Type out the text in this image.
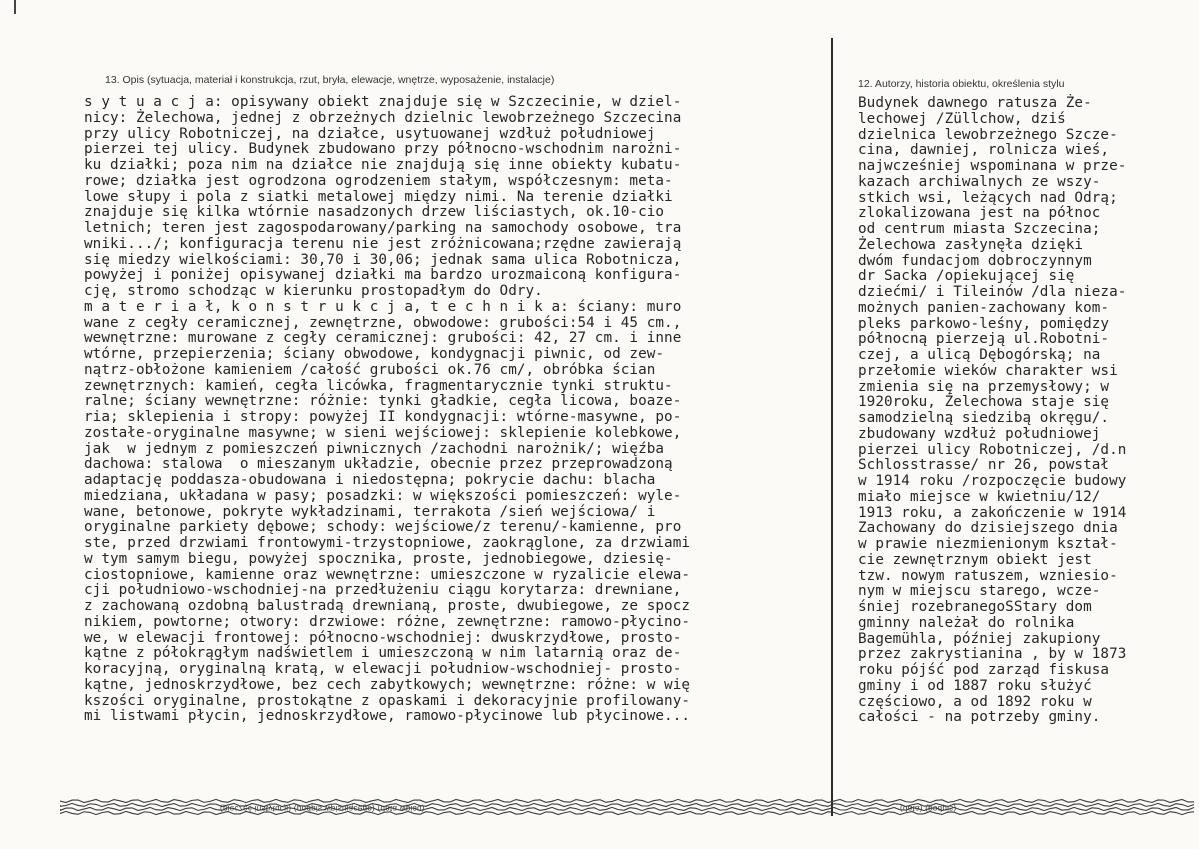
13. Opis (sytuacja, materiał i konstrukcja, rzut, bryła, elewacje, wnętrze, wyposażenie, instalacje)	12. Autorzy, historia obiektu, określenia stylu
s y t u a c j a: opisywany obiekt znajduje się w Szczecinie, w dziel-
nicy: Żelechowa, jednej z obrzeżnych dzielnic lewobrzeżnego Szczecina
przy ulicy Robotniczej, na działce, usytuowanej wzdłuż południowej
pierzei tej ulicy. Budynek zbudowano przy północno-wschodnim narożni-
ku działki; poza nim na działce nie znajdują się inne obiekty kubatu-
rowe; działka jest ogrodzona ogrodzeniem stałym, współczesnym: meta-
lowe słupy i pola z siatki metalowej między nimi. Na terenie działki
znajduje się kilka wtórnie nasadzonych drzew liściastych, ok.10-cio
letnich; teren jest zagospodarowany/parking na samochody osobowe, tra
wniki.../; konfiguracja terenu nie jest zróżnicowana;rzędne zawierają
się miedzy wielkościami: 30,70 i 30,06; jednak sama ulica Robotnicza,
powyżej i poniżej opisywanej działki ma bardzo urozmaiconą konfigura-
cję, stromo schodząc w kierunku prostopadłym do Odry.
m a t e r i a ł, k o n s t r u k c j a, t e c h n i k a: ściany: muro
wane z cegły ceramicznej, zewnętrzne, obwodowe: grubości:54 i 45 cm.,
wewnętrzne: murowane z cegły ceramicznej: grubości: 42, 27 cm. i inne
wtórne, przepierzenia; ściany obwodowe, kondygnacji piwnic, od zew-
nątrz-obłożone kamieniem /całość grubości ok.76 cm/, obróbka ścian
zewnętrznych: kamień, cegła licówka, fragmentarycznie tynki struktu-
ralne; ściany wewnętrzne: różnie: tynki gładkie, cegła licowa, boaze-
ria; sklepienia i stropy: powyżej II kondygnacji: wtórne-masywne, po-
zostałe-oryginalne masywne; w sieni wejściowej: sklepienie kolebkowe,
jak  w jednym z pomieszczeń piwnicznych /zachodni narożnik/; więźba
dachowa: stalowa  o mieszanym układzie, obecnie przez przeprowadzoną
adaptację poddasza-obudowana i niedostępna; pokrycie dachu: blacha
miedziana, układana w pasy; posadzki: w większości pomieszczeń: wyle-
wane, betonowe, pokryte wykładzinami, terrakota /sień wejściowa/ i
oryginalne parkiety dębowe; schody: wejściowe/z terenu/-kamienne, pro
ste, przed drzwiami frontowymi-trzystopniowe, zaokrąglone, za drzwiami
w tym samym biegu, powyżej spocznika, proste, jednobiegowe, dziesię-
ciostopniowe, kamienne oraz wewnętrzne: umieszczone w ryzalicie elewa-
cji południowo-wschodniej-na przedłużeniu ciągu korytarza: drewniane,
z zachowaną ozdobną balustradą drewnianą, proste, dwubiegowe, ze spocz
nikiem, powtorne; otwory: drzwiowe: różne, zewnętrzne: ramowo-płycino-
we, w elewacji frontowej: północno-wschodniej: dwuskrzydłowe, prosto-
kątne z półokrągłym nadświetlem i umieszczoną w nim latarnią oraz de-
koracyjną, oryginalną kratą, w elewacji południow-wschodniej- prosto-
kątne, jednoskrzydłowe, bez cech zabytkowych; wewnętrzne: różne: w wię
kszości oryginalne, prostokątne z opaskami i dekoracyjnie profilowany-
mi listwami płycin, jednoskrzydłowe, ramowo-płycinowe lub płycinowe...
Budynek dawnego ratusza Że-
lechowej /Züllchow, dziś
dzielnica lewobrzeżnego Szcze-
cina, dawniej, rolnicza wieś,
najwcześniej wspominana w prze-
kazach archiwalnych ze wszy-
stkich wsi, leżących nad Odrą;
zlokalizowana jest na północ
od centrum miasta Szczecina;
Żelechowa zasłynęła dzięki
dwóm fundacjom dobroczynnym
dr Sacka /opiekującej się
dziećmi/ i Tileinów /dla nieza-
możnych panien-zachowany kom-
pleks parkowo-leśny, pomiędzy
północną pierzeją ul.Robotni-
czej, a ulicą Dębogórską; na
przełomie wieków charakter wsi
zmienia się na przemysłowy; w
1920roku, Żelechowa staje się
samodzielną siedzibą okręgu/.
zbudowany wzdłuż południowej
pierzei ulicy Robotniczej, /d.n
Schlosstrasse/ nr 26, powstał
w 1914 roku /rozpoczęcie budowy
miało miejsce w kwietniu/12/
1913 roku, a zakończenie w 1914
Zachowany do dzisiejszego dnia
w prawie niezmienionym kształ-
cie zewnętrznym obiekt jest
tzw. nowym ratuszem, wzniesio-
nym w miejscu starego, wcze-
śniej rozebranegoSStary dom
gminny należał do rolnika
Bagemühla, później zakupiony
przez zakrystianina , by w 1873
roku pójść pod zarząd fiskusa
gminy i od 1887 roku służyć
częściowo, a od 1892 roku w
całości - na potrzeby gminy.
(pieczęć instytucji) (podpis wpisującego) (data wpisu)	(data) (podpis)
